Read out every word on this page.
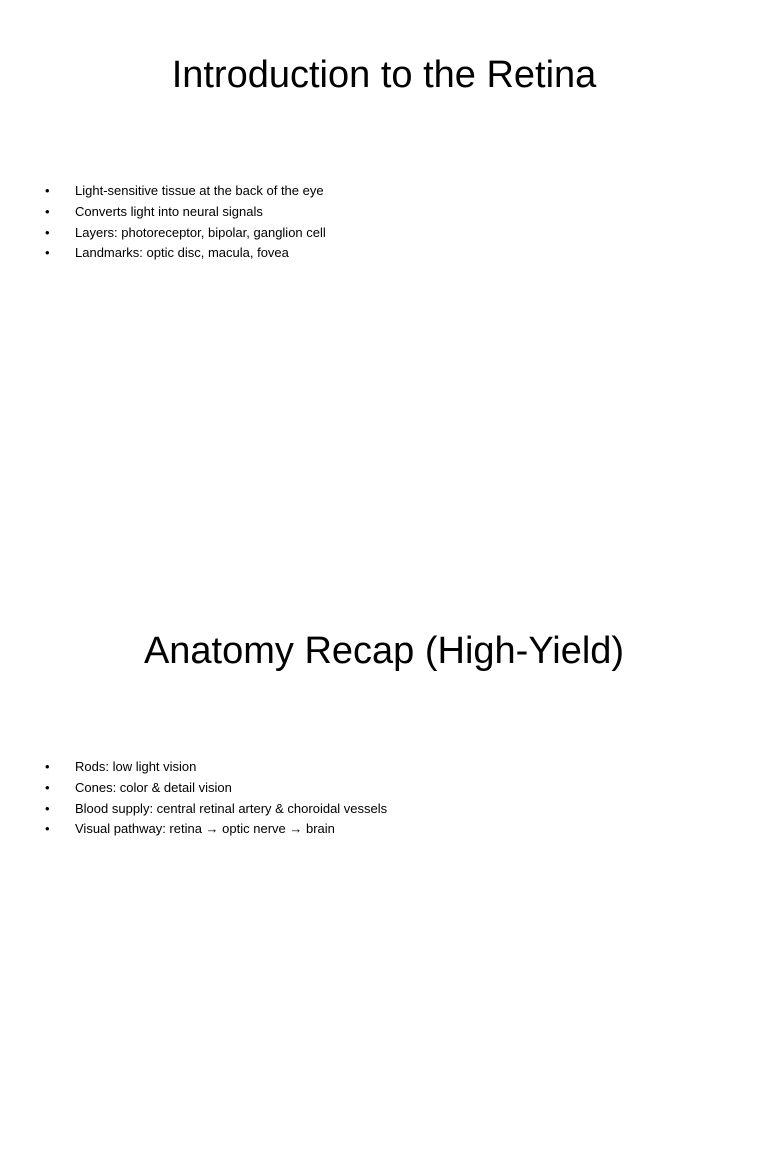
Introduction to the Retina
• Light-sensitive tissue at the back of the eye
• Converts light into neural signals
• Layers: photoreceptor, bipolar, ganglion cell
• Landmarks: optic disc, macula, fovea
Anatomy Recap (High-Yield)
• Rods: low light vision
• Cones: color & detail vision
• Blood supply: central retinal artery & choroidal vessels
• Visual pathway: retina → optic nerve → brain
